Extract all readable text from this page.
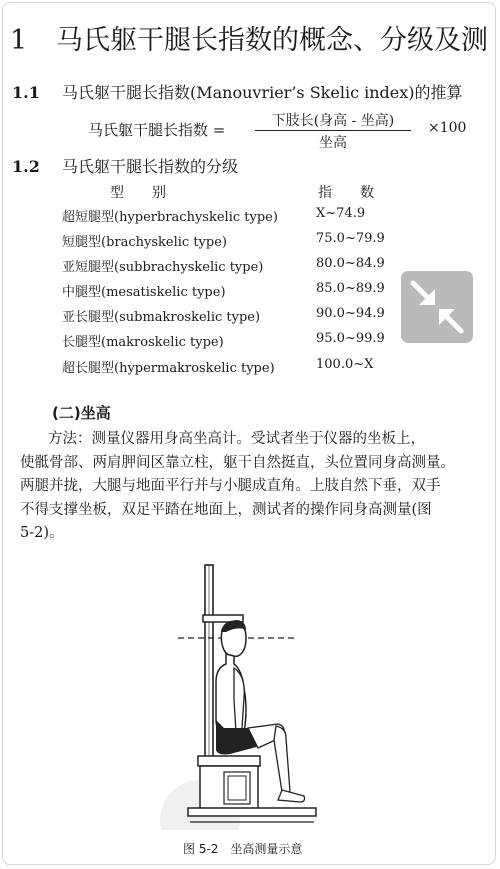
1 马氏躯干腿长指数的概念、分级及测
1.1 马氏躯干腿长指数(Manouvrier’s Skelic index)的推算
马氏躯干腿长指数 =	下肢长(身高 - 坐高)
坐高
×100
1.2 马氏躯干腿长指数的分级
型　　别	指　　数
超短腿型(hyperbrachyskelic type)	X~74.9
短腿型(brachyskelic type)	75.0~79.9
亚短腿型(subbrachyskelic type)	80.0~84.9
中腿型(mesatiskelic type)	85.0~89.9
亚长腿型(submakroskelic type)	90.0~94.9
长腿型(makroskelic type)	95.0~99.9
超长腿型(hypermakroskelic type)	100.0~X
(二)坐高
方法：测量仪器用身高坐高计。受试者坐于仪器的坐板上，
使骶骨部、两肩胛间区靠立柱，躯干自然挺直，头位置同身高测量。
两腿并拢，大腿与地面平行并与小腿成直角。上肢自然下垂，双手
不得支撑坐板，双足平踏在地面上，测试者的操作同身高测量(图
5-2)。
图 5-2 坐高测量示意
